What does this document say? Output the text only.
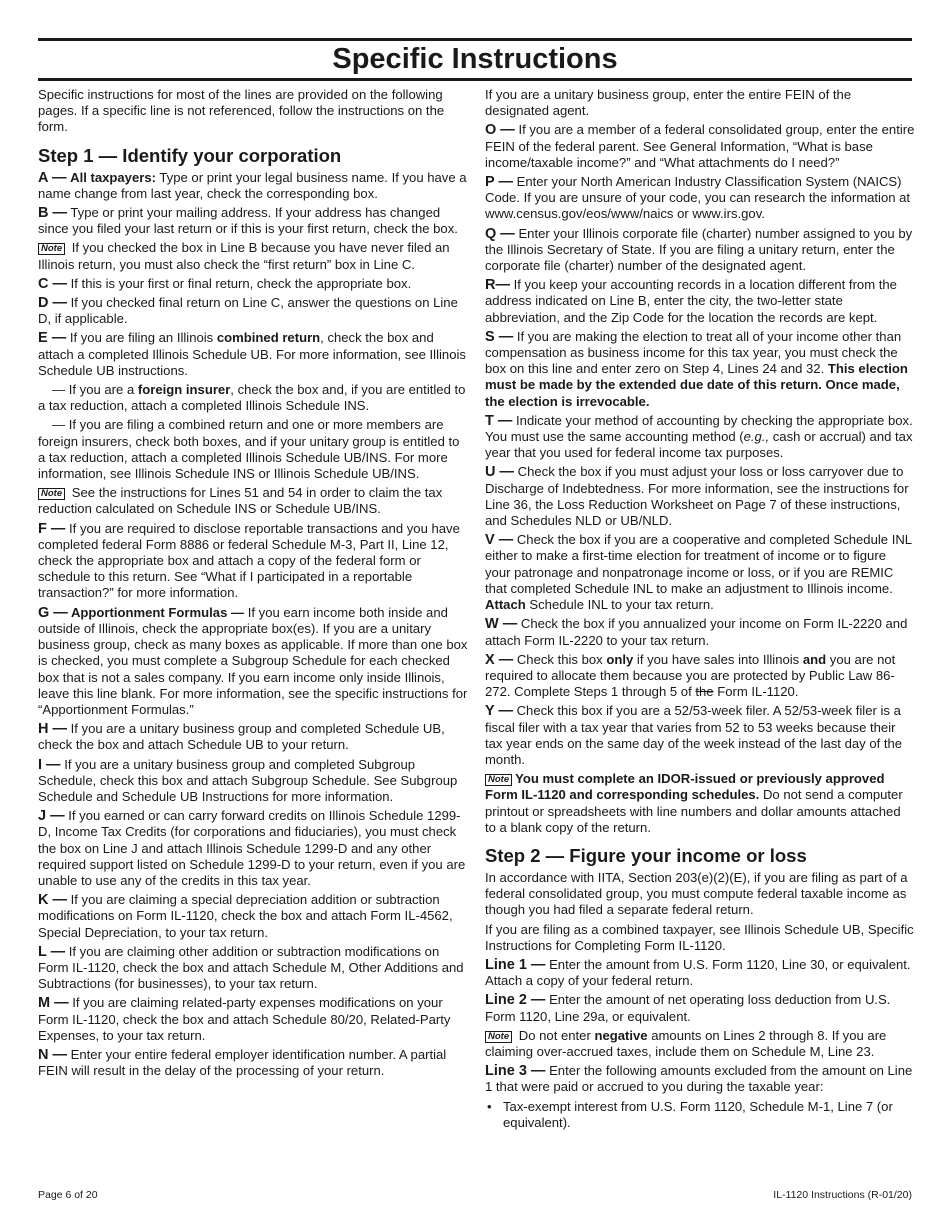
Specific Instructions

Specific instructions for most of the lines are provided on the following pages. If a specific line is not referenced, follow the instructions on the form.

Step 1 — Identify your corporation

A — All taxpayers: Type or print your legal business name. If you have a name change from last year, check the corresponding box.

B — Type or print your mailing address. If your address has changed since you filed your last return or if this is your first return, check the box.

Note If you checked the box in Line B because you have never filed an Illinois return, you must also check the “first return” box in Line C.

C — If this is your first or final return, check the appropriate box.

D — If you checked final return on Line C, answer the questions on Line D, if applicable.

E — If you are filing an Illinois combined return, check the box and attach a completed Illinois Schedule UB. For more information, see Illinois Schedule UB instructions.

— If you are a foreign insurer, check the box and, if you are entitled to a tax reduction, attach a completed Illinois Schedule INS.

— If you are filing a combined return and one or more members are foreign insurers, check both boxes, and if your unitary group is entitled to a tax reduction, attach a completed Illinois Schedule UB/INS. For more information, see Illinois Schedule INS or Illinois Schedule UB/INS.

Note See the instructions for Lines 51 and 54 in order to claim the tax reduction calculated on Schedule INS or Schedule UB/INS.

F — If you are required to disclose reportable transactions and you have completed federal Form 8886 or federal Schedule M-3, Part II, Line 12, check the appropriate box and attach a copy of the federal form or schedule to this return. See “What if I participated in a reportable transaction?” for more information.

G — Apportionment Formulas — If you earn income both inside and outside of Illinois, check the appropriate box(es). If you are a unitary business group, check as many boxes as applicable. If more than one box is checked, you must complete a Subgroup Schedule for each checked box that is not a sales company. If you earn income only inside Illinois, leave this line blank. For more information, see the specific instructions for “Apportionment Formulas.”

H — If you are a unitary business group and completed Schedule UB, check the box and attach Schedule UB to your return.

I — If you are a unitary business group and completed Subgroup Schedule, check this box and attach Subgroup Schedule. See Subgroup Schedule and Schedule UB Instructions for more information.

J — If you earned or can carry forward credits on Illinois Schedule 1299-D, Income Tax Credits (for corporations and fiduciaries), you must check the box on Line J and attach Illinois Schedule 1299-D and any other required support listed on Schedule 1299-D to your return, even if you are unable to use any of the credits in this tax year.

K — If you are claiming a special depreciation addition or subtraction modifications on Form IL-1120, check the box and attach Form IL-4562, Special Depreciation, to your tax return.

L — If you are claiming other addition or subtraction modifications on Form IL-1120, check the box and attach Schedule M, Other Additions and Subtractions (for businesses), to your tax return.

M — If you are claiming related-party expenses modifications on your Form IL-1120, check the box and attach Schedule 80/20, Related-Party Expenses, to your tax return.

N — Enter your entire federal employer identification number. A partial FEIN will result in the delay of the processing of your return.

If you are a unitary business group, enter the entire FEIN of the designated agent.

O — If you are a member of a federal consolidated group, enter the entire FEIN of the federal parent. See General Information, “What is base income/taxable income?” and “What attachments do I need?”

P — Enter your North American Industry Classification System (NAICS) Code. If you are unsure of your code, you can research the information at www.census.gov/eos/www/naics or www.irs.gov.

Q — Enter your Illinois corporate file (charter) number assigned to you by the Illinois Secretary of State. If you are filing a unitary return, enter the corporate file (charter) number of the designated agent.

R— If you keep your accounting records in a location different from the address indicated on Line B, enter the city, the two-letter state abbreviation, and the Zip Code for the location the records are kept.

S — If you are making the election to treat all of your income other than compensation as business income for this tax year, you must check the box on this line and enter zero on Step 4, Lines 24 and 32. This election must be made by the extended due date of this return. Once made, the election is irrevocable.

T — Indicate your method of accounting by checking the appropriate box. You must use the same accounting method (e.g., cash or accrual) and tax year that you used for federal income tax purposes.

U — Check the box if you must adjust your loss or loss carryover due to Discharge of Indebtedness. For more information, see the instructions for Line 36, the Loss Reduction Worksheet on Page 7 of these instructions, and Schedules NLD or UB/NLD.

V — Check the box if you are a cooperative and completed Schedule INL either to make a first-time election for treatment of income or to figure your patronage and nonpatronage income or loss, or if you are REMIC that completed Schedule INL to make an adjustment to Illinois income. Attach Schedule INL to your tax return.

W — Check the box if you annualized your income on Form IL-2220 and attach Form IL-2220 to your tax return.

X — Check this box only if you have sales into Illinois and you are not required to allocate them because you are protected by Public Law 86-272. Complete Steps 1 through 5 of the Form IL-1120.

Y — Check this box if you are a 52/53-week filer. A 52/53-week filer is a fiscal filer with a tax year that varies from 52 to 53 weeks because their tax year ends on the same day of the week instead of the last day of the month.

Note You must complete an IDOR-issued or previously approved Form IL-1120 and corresponding schedules. Do not send a computer printout or spreadsheets with line numbers and dollar amounts attached to a blank copy of the return.

Step 2 — Figure your income or loss

In accordance with IITA, Section 203(e)(2)(E), if you are filing as part of a federal consolidated group, you must compute federal taxable income as though you had filed a separate federal return.

If you are filing as a combined taxpayer, see Illinois Schedule UB, Specific Instructions for Completing Form IL-1120.

Line 1 — Enter the amount from U.S. Form 1120, Line 30, or equivalent. Attach a copy of your federal return.

Line 2 — Enter the amount of net operating loss deduction from U.S. Form 1120, Line 29a, or equivalent.

Note Do not enter negative amounts on Lines 2 through 8. If you are claiming over-accrued taxes, include them on Schedule M, Line 23.

Line 3 — Enter the following amounts excluded from the amount on Line 1 that were paid or accrued to you during the taxable year:

• Tax-exempt interest from U.S. Form 1120, Schedule M-1, Line 7 (or equivalent).

Page 6 of 20	IL-1120 Instructions (R-01/20)
